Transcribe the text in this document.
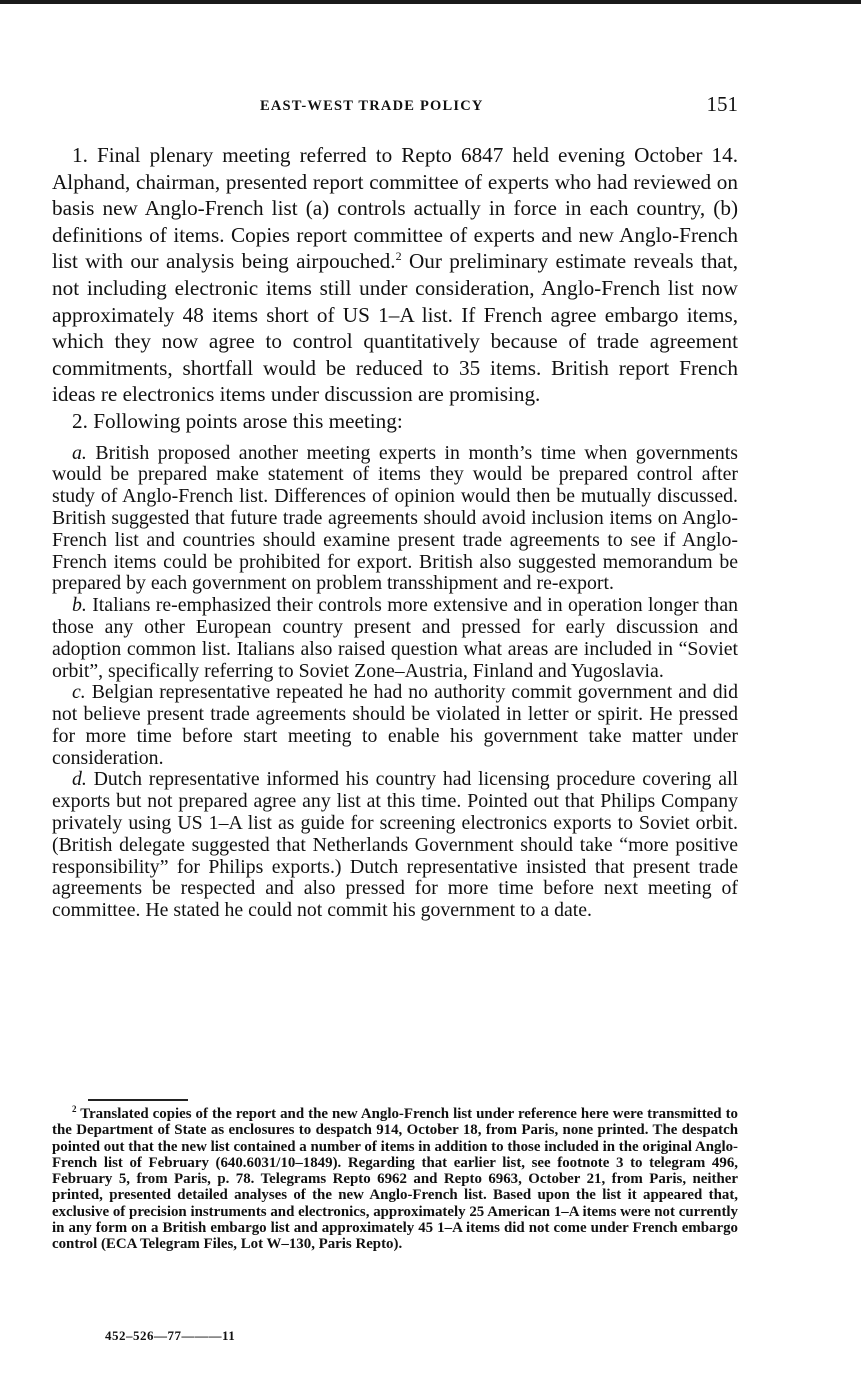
EAST-WEST TRADE POLICY	151

1. Final plenary meeting referred to Repto 6847 held evening October 14. Alphand, chairman, presented report committee of experts who had reviewed on basis new Anglo-French list (a) controls actually in force in each country, (b) definitions of items. Copies report committee of experts and new Anglo-French list with our analysis being airpouched.$^2$ Our preliminary estimate reveals that, not including electronic items still under consideration, Anglo-French list now approximately 48 items short of US 1–A list. If French agree embargo items, which they now agree to control quantitatively because of trade agreement commitments, shortfall would be reduced to 35 items. British report French ideas re electronics items under discussion are promising.

2. Following points arose this meeting:

a. British proposed another meeting experts in month’s time when governments would be prepared make statement of items they would be prepared control after study of Anglo-French list. Differences of opinion would then be mutually discussed. British suggested that future trade agreements should avoid inclusion items on Anglo-French list and countries should examine present trade agreements to see if Anglo-French items could be prohibited for export. British also suggested memorandum be prepared by each government on problem transshipment and re-export.

b. Italians re-emphasized their controls more extensive and in operation longer than those any other European country present and pressed for early discussion and adoption common list. Italians also raised question what areas are included in “Soviet orbit”, specifically referring to Soviet Zone–Austria, Finland and Yugoslavia.

c. Belgian representative repeated he had no authority commit government and did not believe present trade agreements should be violated in letter or spirit. He pressed for more time before start meeting to enable his government take matter under consideration.

d. Dutch representative informed his country had licensing procedure covering all exports but not prepared agree any list at this time. Pointed out that Philips Company privately using US 1–A list as guide for screening electronics exports to Soviet orbit. (British delegate suggested that Netherlands Government should take “more positive responsibility” for Philips exports.) Dutch representative insisted that present trade agreements be respected and also pressed for more time before next meeting of committee. He stated he could not commit his government to a date.

$^2$ Translated copies of the report and the new Anglo-French list under reference here were transmitted to the Department of State as enclosures to despatch 914, October 18, from Paris, none printed. The despatch pointed out that the new list contained a number of items in addition to those included in the original Anglo-French list of February (640.6031/10–1849). Regarding that earlier list, see footnote 3 to telegram 496, February 5, from Paris, p. 78. Telegrams Repto 6962 and Repto 6963, October 21, from Paris, neither printed, presented detailed analyses of the new Anglo-French list. Based upon the list it appeared that, exclusive of precision instruments and electronics, approximately 25 American 1–A items were not currently in any form on a British embargo list and approximately 45 1–A items did not come under French embargo control (ECA Telegram Files, Lot W–130, Paris Repto).

452–526—77———11
